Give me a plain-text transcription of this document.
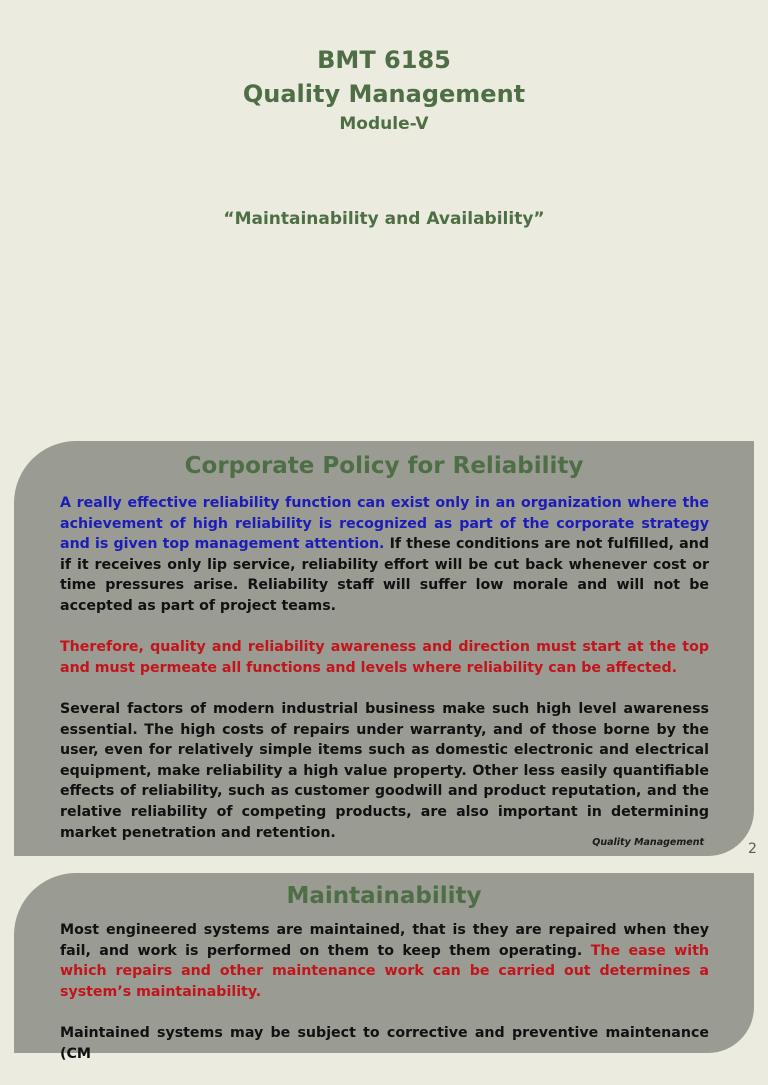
BMT 6185
Quality Management
Module-V
“Maintainability and Availability”
Corporate Policy for Reliability

A really effective reliability function can exist only in an organization where the achievement of high reliability is recognized as part of the corporate strategy and is given top management attention. If these conditions are not fulfilled, and if it receives only lip service, reliability effort will be cut back whenever cost or time pressures arise. Reliability staff will suffer low morale and will not be accepted as part of project teams.

Therefore, quality and reliability awareness and direction must start at the top and must permeate all functions and levels where reliability can be affected.

Several factors of modern industrial business make such high level awareness essential. The high costs of repairs under warranty, and of those borne by the user, even for relatively simple items such as domestic electronic and electrical equipment, make reliability a high value property. Other less easily quantifiable effects of reliability, such as customer goodwill and product reputation, and the relative reliability of competing products, are also important in determining market penetration and retention.

Quality Management	2
Maintainability

Most engineered systems are maintained, that is they are repaired when they fail, and work is performed on them to keep them operating. The ease with which repairs and other maintenance work can be carried out determines a system’s maintainability.

Maintained systems may be subject to corrective and preventive maintenance (CM
